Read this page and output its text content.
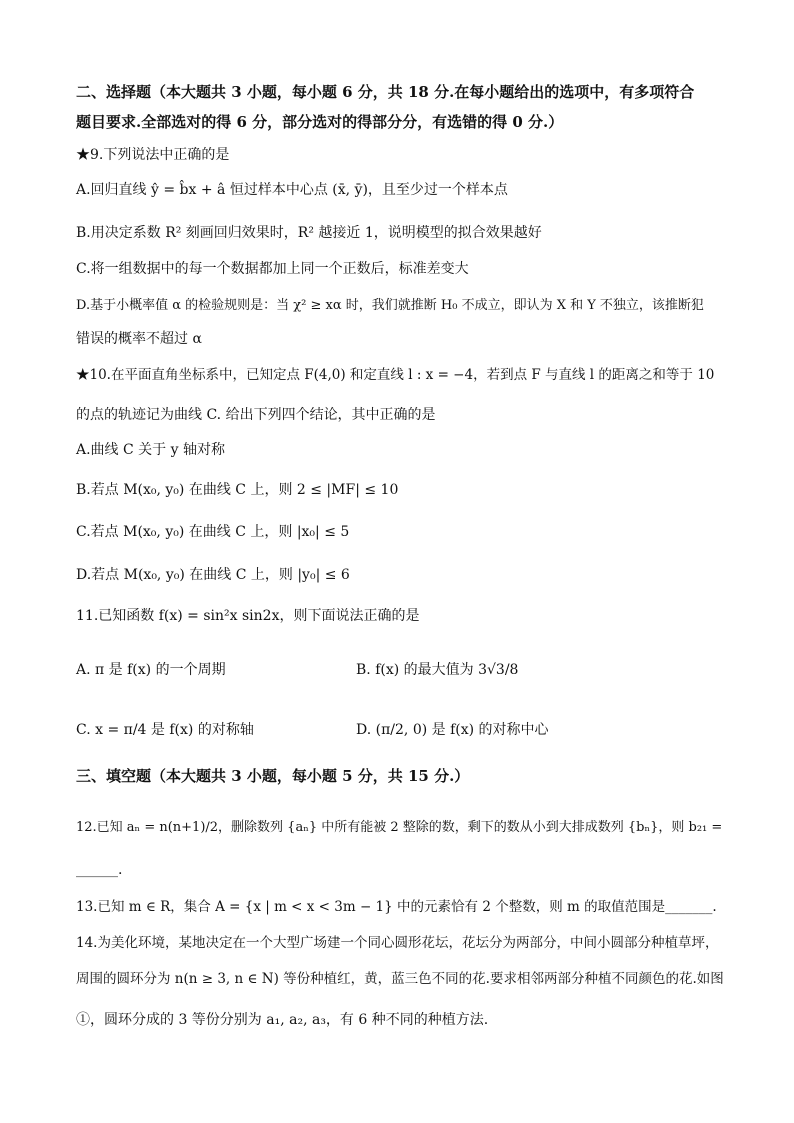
二、选择题（本大题共 3 小题，每小题 6 分，共 18 分.在每小题给出的选项中，有多项符合
题目要求.全部选对的得 6 分，部分选对的得部分分，有选错的得 0 分.）
★9.下列说法中正确的是
A.回归直线 ŷ = b̂x + â 恒过样本中心点 (x̄, ȳ)，且至少过一个样本点
B.用决定系数 R² 刻画回归效果时，R² 越接近 1，说明模型的拟合效果越好
C.将一组数据中的每一个数据都加上同一个正数后，标准差变大
D.基于小概率值 α 的检验规则是：当 χ² ≥ xα 时，我们就推断 H₀ 不成立，即认为 X 和 Y 不独立，该推断犯
错误的概率不超过 α
★10.在平面直角坐标系中，已知定点 F(4,0) 和定直线 l : x = −4，若到点 F 与直线 l 的距离之和等于 10
的点的轨迹记为曲线 C. 给出下列四个结论，其中正确的是
A.曲线 C 关于 y 轴对称
B.若点 M(x₀, y₀) 在曲线 C 上，则 2 ≤ |MF| ≤ 10
C.若点 M(x₀, y₀) 在曲线 C 上，则 |x₀| ≤ 5
D.若点 M(x₀, y₀) 在曲线 C 上，则 |y₀| ≤ 6
11.已知函数 f(x) = sin²x sin2x，则下面说法正确的是
A. π 是 f(x) 的一个周期	B. f(x) 的最大值为 3√3/8
C. x = π/4 是 f(x) 的对称轴	D. (π/2, 0) 是 f(x) 的对称中心
三、填空题（本大题共 3 小题，每小题 5 分，共 15 分.）
12.已知 aₙ = n(n+1)/2，删除数列 {aₙ} 中所有能被 2 整除的数，剩下的数从小到大排成数列 {bₙ}，则 b₂₁ =
______.
13.已知 m ∈ R，集合 A = {x | m < x < 3m − 1} 中的元素恰有 2 个整数，则 m 的取值范围是_______.
14.为美化环境，某地决定在一个大型广场建一个同心圆形花坛，花坛分为两部分，中间小圆部分种植草坪，
周围的圆环分为 n(n ≥ 3, n ∈ N) 等份种植红，黄，蓝三色不同的花.要求相邻两部分种植不同颜色的花.如图
①，圆环分成的 3 等份分别为 a₁, a₂, a₃，有 6 种不同的种植方法.
